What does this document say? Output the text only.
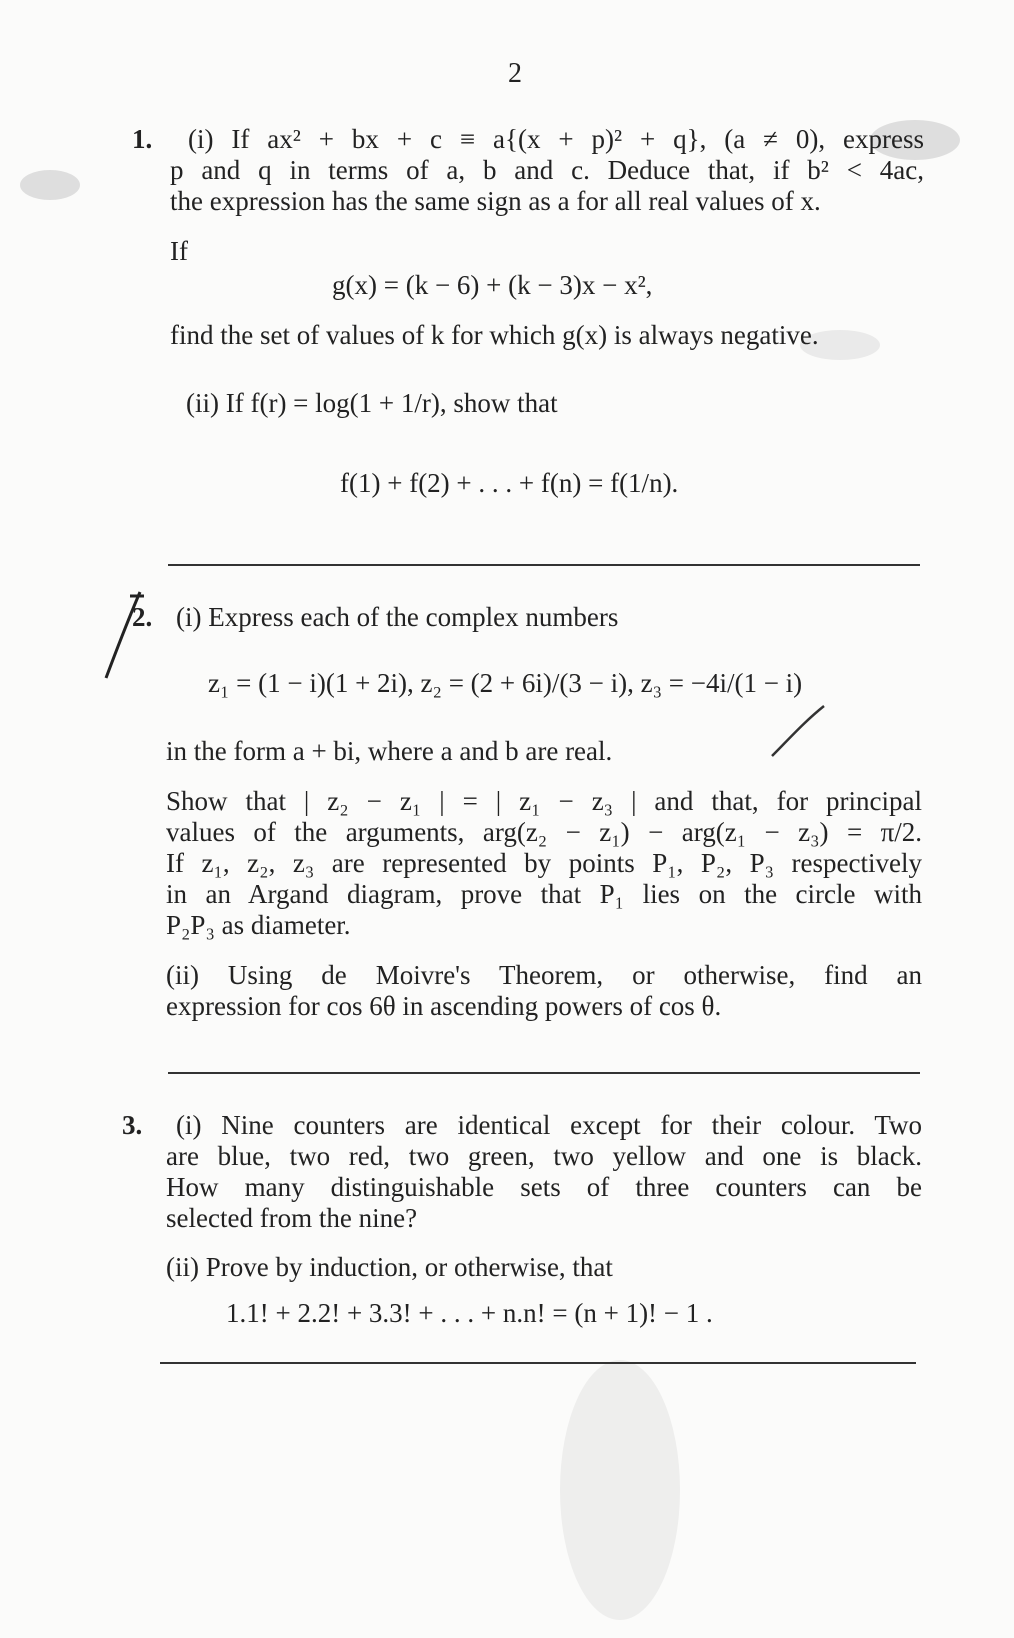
2
1. (i) If ax² + bx + c ≡ a{(x + p)² + q}, (a ≠ 0), express

p and q in terms of a, b and c. Deduce that, if b² < 4ac,

the expression has the same sign as a for all real values of x.

If

g(x) = (k − 6) + (k − 3)x − x²,

find the set of values of k for which g(x) is always negative.

(ii) If f(r) = log(1 + 1/r), show that

f(1) + f(2) + . . . + f(n) = f(1/n).
2. (i) Express each of the complex numbers

z₁ = (1 − i)(1 + 2i), z₂ = (2 + 6i)/(3 − i), z₃ = −4i/(1 − i)

in the form a + bi, where a and b are real.

Show that | z₂ − z₁ | = | z₁ − z₃ | and that, for principal

values of the arguments, arg(z₂ − z₁) − arg(z₁ − z₃) = π/2.

If z₁, z₂, z₃ are represented by points P₁, P₂, P₃ respectively

in an Argand diagram, prove that P₁ lies on the circle with

P₂P₃ as diameter.

(ii) Using de Moivre's Theorem, or otherwise, find an

expression for cos 6θ in ascending powers of cos θ.

3. (i) Nine counters are identical except for their colour. Two

are blue, two red, two green, two yellow and one is black.

How many distinguishable sets of three counters can be

selected from the nine?

(ii) Prove by induction, or otherwise, that

1.1! + 2.2! + 3.3! + . . . + n.n! = (n + 1)! − 1 .
